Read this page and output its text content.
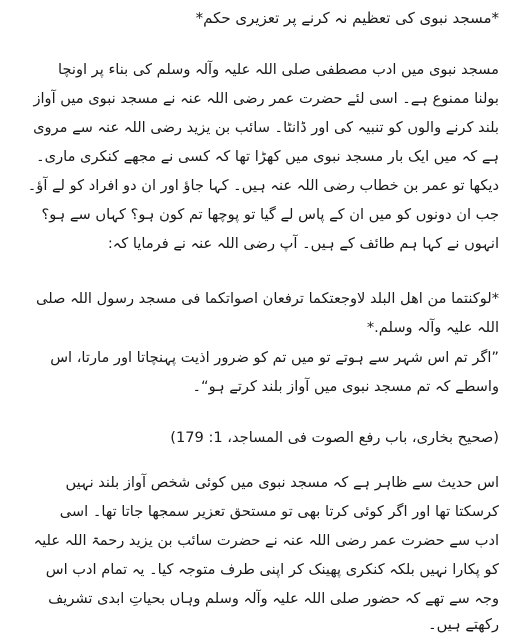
*مسجد نبوی کی تعظیم نہ کرنے پر تعزیری حکم*
مسجد نبوی میں ادب مصطفی صلی اللہ علیہ وآلہ وسلم کی بناء پر اونچا
بولنا ممنوع ہے۔ اسی لئے حضرت عمر رضی اللہ عنہ نے مسجد نبوی میں آواز
بلند کرنے والوں کو تنبیہ کی اور ڈانٹا۔ سائب بن یزید رضی اللہ عنہ سے مروی
ہے کہ میں ایک بار مسجد نبوی میں کھڑا تھا کہ کسی نے مجھے کنکری ماری۔
دیکھا تو عمر بن خطاب رضی اللہ عنہ ہیں۔ کہا جاؤ اور ان دو افراد کو لے آؤ۔
جب ان دونوں کو میں ان کے پاس لے گیا تو پوچھا تم کون ہو؟ کہاں سے ہو؟
انہوں نے کہا ہم طائف کے ہیں۔ آپ رضی اللہ عنہ نے فرمایا کہ:
*لوکنتما من اهل البلد لاوجعتکما ترفعان اصواتکما فی مسجد رسول اللہ صلی
اللہ علیہ وآلہ وسلم.*
”اگر تم اس شہر سے ہوتے تو میں تم کو ضرور اذیت پہنچاتا اور مارتا، اس
واسطے کہ تم مسجد نبوی میں آواز بلند کرتے ہو“۔
(صحيح بخاری، باب رفع الصوت فی المساجد، 1: 179)
اس حدیث سے ظاہر ہے کہ مسجد نبوی میں کوئی شخص آواز بلند نہیں
کرسکتا تھا اور اگر کوئی کرتا بھی تو مستحق تعزیر سمجھا جاتا تھا۔ اسی
ادب سے حضرت عمر رضی اللہ عنہ نے حضرت سائب بن یزید رحمۃ اللہ علیہ
کو پکارا نہیں بلکہ کنکری پھینک کر اپنی طرف متوجہ کیا۔ یہ تمام ادب اس
وجہ سے تھے کہ حضور صلی اللہ علیہ وآلہ وسلم وہاں بحیاتِ ابدی تشریف
رکھتے ہیں۔
